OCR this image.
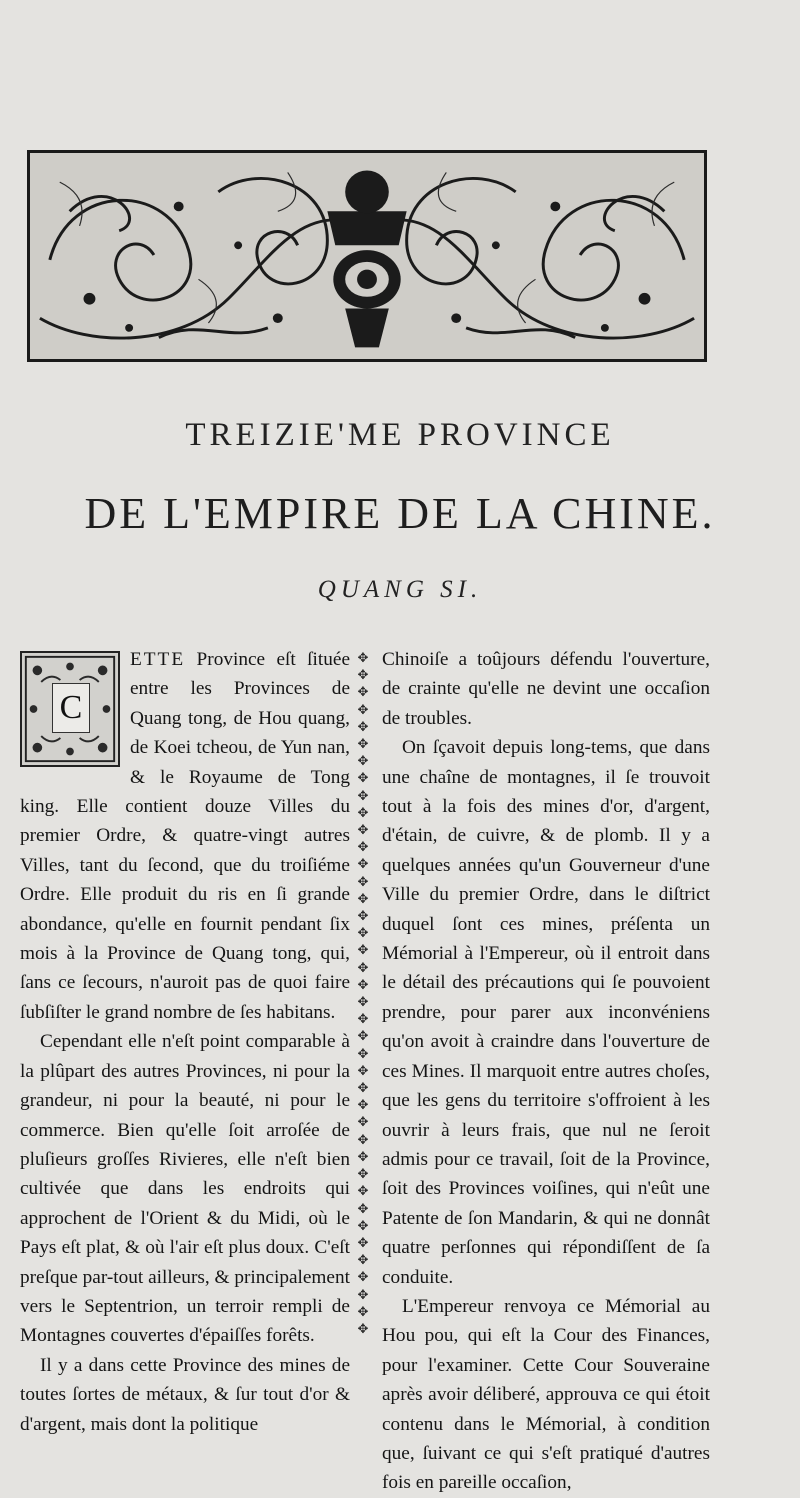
TREIZIE'ME PROVINCE
DE L'EMPIRE DE LA CHINE.
QUANG SI.
C

ETTE Province eſt ſituée entre les Provinces de Quang tong, de Hou quang, de Koei tcheou, de Yun nan, & le Royaume de Tong king. Elle contient douze Villes du premier Ordre, & quatre-vingt autres Villes, tant du ſecond, que du troiſiéme Ordre. Elle produit du ris en ſi grande abondance, qu'elle en fournit pendant ſix mois à la Province de Quang tong, qui, ſans ce ſecours, n'auroit pas de quoi faire ſubſiſter le grand nombre de ſes habitans.

Cependant elle n'eſt point comparable à la plûpart des autres Provinces, ni pour la grandeur, ni pour la beauté, ni pour le commerce. Bien qu'elle ſoit arroſée de pluſieurs groſſes Rivieres, elle n'eſt bien cultivée que dans les endroits qui approchent de l'Orient & du Midi, où le Pays eſt plat, & où l'air eſt plus doux. C'eſt preſque par-tout ailleurs, & principalement vers le Septentrion, un terroir rempli de Montagnes couvertes d'épaiſſes forêts.

Il y a dans cette Province des mines de toutes ſortes de métaux, & ſur tout d'or & d'argent, mais dont la politique

✥
✥
✥
✥
✥
✥
✥
✥
✥
✥
✥
✥
✥
✥
✥
✥
✥
✥
✥
✥
✥
✥
✥
✥
✥
✥
✥
✥
✥
✥
✥
✥
✥
✥
✥
✥
✥
✥
✥
✥

Chinoiſe a toûjours défendu l'ouverture, de crainte qu'elle ne devint une occaſion de troubles.

On ſçavoit depuis long-tems, que dans une chaîne de montagnes, il ſe trouvoit tout à la fois des mines d'or, d'argent, d'étain, de cuivre, & de plomb. Il y a quelques années qu'un Gouverneur d'une Ville du premier Ordre, dans le diſtrict duquel ſont ces mines, préſenta un Mémorial à l'Empereur, où il entroit dans le détail des précautions qui ſe pouvoient prendre, pour parer aux inconvéniens qu'on avoit à craindre dans l'ouverture de ces Mines. Il marquoit entre autres choſes, que les gens du territoire s'offroient à les ouvrir à leurs frais, que nul ne ſeroit admis pour ce travail, ſoit de la Province, ſoit des Provinces voiſines, qui n'eût une Patente de ſon Mandarin, & qui ne donnât quatre perſonnes qui répondiſſent de ſa conduite.

L'Empereur renvoya ce Mémorial au Hou pou, qui eſt la Cour des Finances, pour l'examiner. Cette Cour Souveraine après avoir déliberé, approuva ce qui étoit contenu dans le Mémorial, à condition que, ſuivant ce qui s'eſt pratiqué d'autres fois en pareille occaſion,
